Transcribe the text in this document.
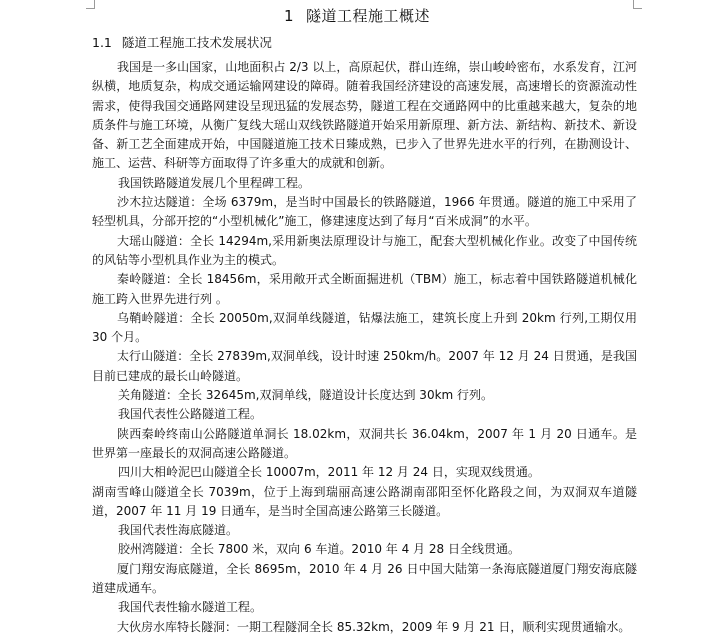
1 隧道工程施工概述
1.1 隧道工程施工技术发展状况

我国是一多山国家，山地面积占 2/3 以上，高原起伏，群山连绵，崇山峻岭密布，水系发育，江河纵横，地质复杂，构成交通运输网建设的障碍。随着我国经济建设的高速发展，高速增长的资源流动性需求，使得我国交通路网建设呈现迅猛的发展态势，隧道工程在交通路网中的比重越来越大，复杂的地质条件与施工环境，从衡广复线大瑶山双线铁路隧道开始采用新原理、新方法、新结构、新技术、新设备、新工艺全面建成开始，中国隧道施工技术日臻成熟，已步入了世界先进水平的行列，在勘测设计、施工、运营、科研等方面取得了许多重大的成就和创新。

我国铁路隧道发展几个里程碑工程。

沙木拉达隧道：全场 6379m，是当时中国最长的铁路隧道，1966 年贯通。隧道的施工中采用了轻型机具，分部开挖的“小型机械化”施工，修建速度达到了每月“百米成洞”的水平。

大瑶山隧道：全长 14294m,采用新奥法原理设计与施工，配套大型机械化作业。改变了中国传统的风钻等小型机具作业为主的模式。

秦岭隧道：全长 18456m，采用敞开式全断面掘进机（TBM）施工，标志着中国铁路隧道机械化施工跨入世界先进行列 。

乌鞘岭隧道：全长 20050m,双洞单线隧道，钻爆法施工，建筑长度上升到 20km 行列,工期仅用 30 个月。

太行山隧道：全长 27839m,双洞单线，设计时速 250km/h。2007 年 12 月 24 日贯通，是我国目前已建成的最长山岭隧道。

关角隧道：全长 32645m,双洞单线，隧道设计长度达到 30km 行列。

我国代表性公路隧道工程。

陕西秦岭终南山公路隧道单洞长 18.02km，双洞共长 36.04km，2007 年 1 月 20 日通车。是世界第一座最长的双洞高速公路隧道。

四川大相岭泥巴山隧道全长 10007m，2011 年 12 月 24 日，实现双线贯通。

湖南雪峰山隧道全长 7039m，位于上海到瑞丽高速公路湖南邵阳至怀化路段之间，为双洞双车道隧道，2007 年 11 月 19 日通车，是当时全国高速公路第三长隧道。

我国代表性海底隧道。

胶州湾隧道：全长 7800 米，双向 6 车道。2010 年 4 月 28 日全线贯通。

厦门翔安海底隧道，全长 8695m，2010 年 4 月 26 日中国大陆第一条海底隧道厦门翔安海底隧道建成通车。

我国代表性输水隧道工程。

大伙房水库特长隧洞：一期工程隧洞全长 85.32km，2009 年 9 月 21 日，顺利实现贯通输水。
